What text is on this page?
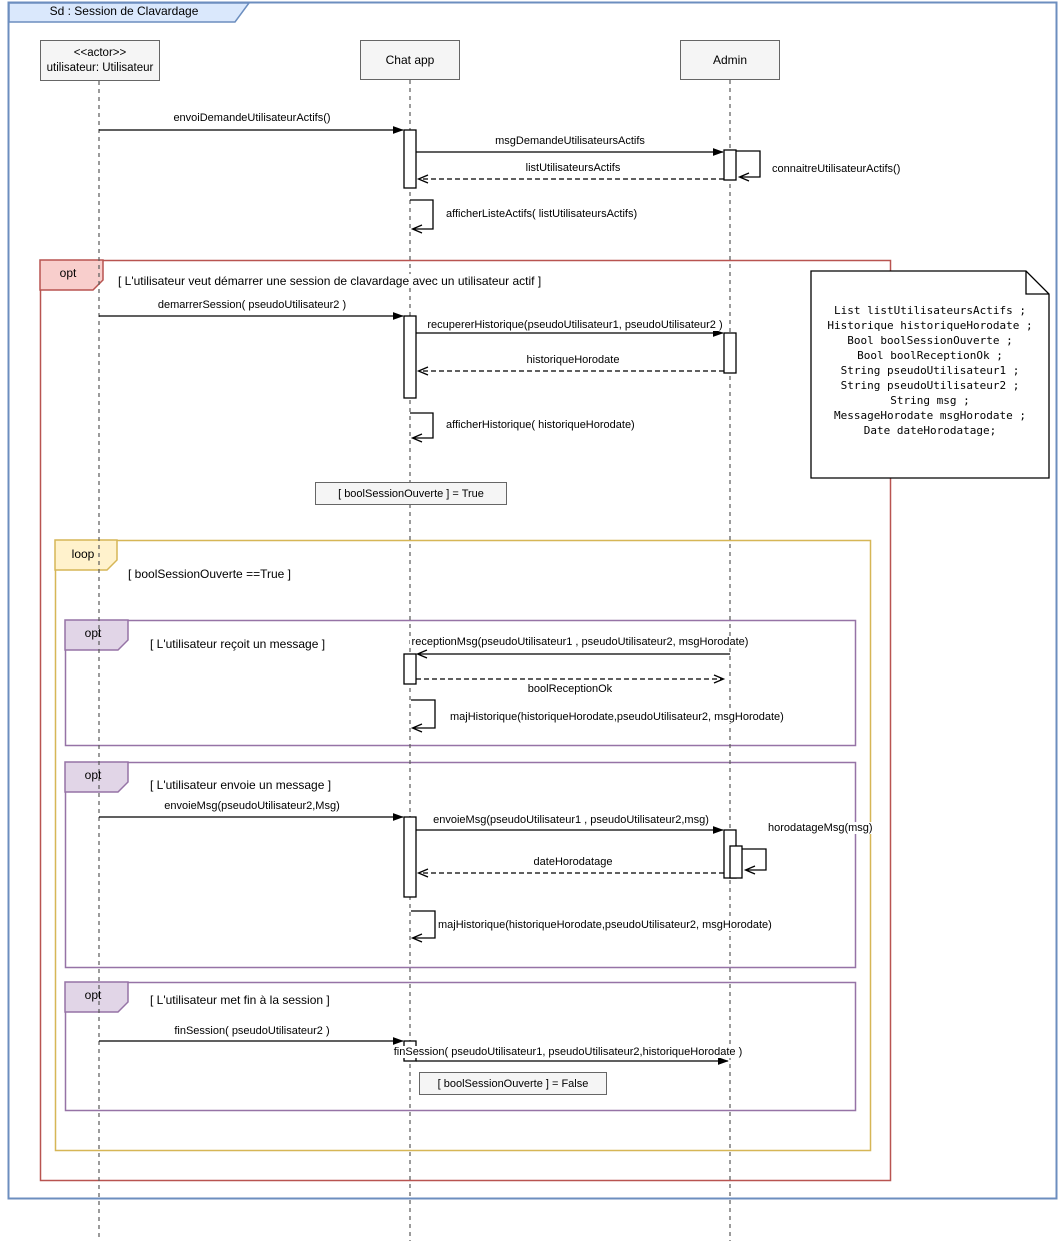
Sd : Session de Clavardage
<<actor>>
utilisateur: Utilisateur
Chat app	Admin
opt
[ L'utilisateur veut démarrer une session de clavardage avec un utilisateur actif ]
loop
[ boolSessionOuverte ==True ]
opt
[ L'utilisateur reçoit un message ]
opt
[ L'utilisateur envoie un message ]
opt	[ L'utilisateur met fin à la session ]
envoiDemandeUtilisateurActifs()
msgDemandeUtilisateursActifs
listUtilisateursActifs	connaitreUtilisateurActifs()
afficherListeActifs( listUtilisateursActifs)
demarrerSession( pseudoUtilisateur2 )
recupererHistorique(pseudoUtilisateur1, pseudoUtilisateur2 )
historiqueHorodate
afficherHistorique( historiqueHorodate)
receptionMsg(pseudoUtilisateur1 , pseudoUtilisateur2, msgHorodate)
boolReceptionOk
majHistorique(historiqueHorodate,pseudoUtilisateur2, msgHorodate)
envoieMsg(pseudoUtilisateur2,Msg)
envoieMsg(pseudoUtilisateur1 , pseudoUtilisateur2,msg)
horodatageMsg(msg)
dateHorodatage
majHistorique(historiqueHorodate,pseudoUtilisateur2, msgHorodate)
finSession( pseudoUtilisateur2 )
finSession( pseudoUtilisateur1, pseudoUtilisateur2,historiqueHorodate )
[ boolSessionOuverte ] = True
[ boolSessionOuverte ] = False
List listUtilisateursActifs ;
Historique historiqueHorodate ;
Bool boolSessionOuverte ;
Bool boolReceptionOk ;
String pseudoUtilisateur1 ;
String pseudoUtilisateur2 ;
String msg ;
MessageHorodate msgHorodate ;
Date dateHorodatage;
